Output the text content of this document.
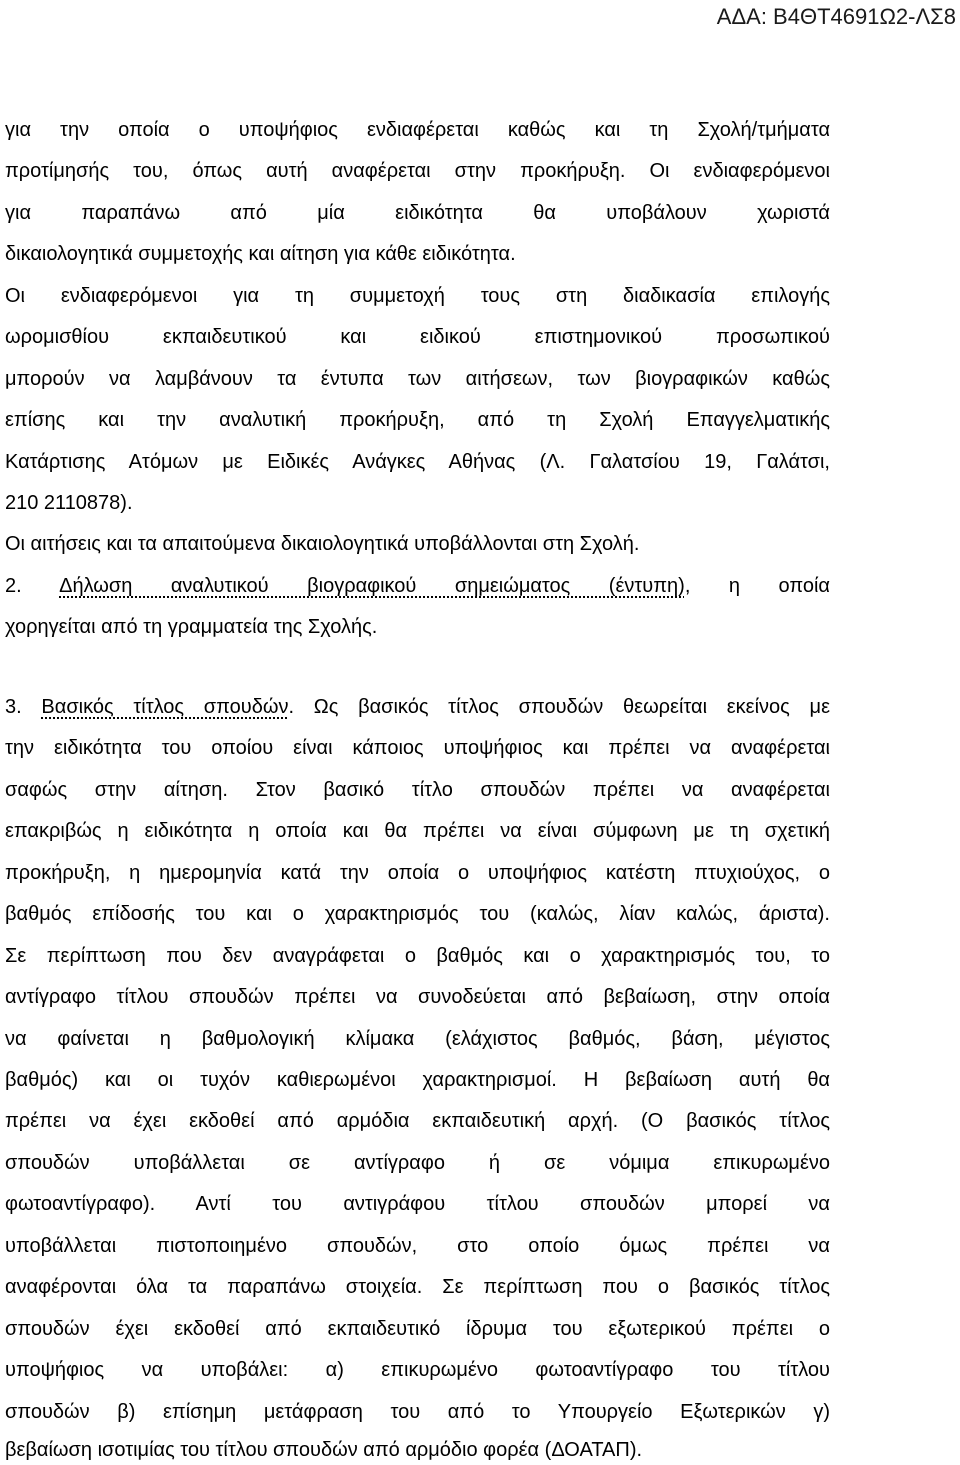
ΑΔΑ: Β4ΘΤ4691Ω2-ΛΣ8
για την οποία ο υποψήφιος ενδιαφέρεται καθώς και τη Σχολή/τμήματα
προτίμησής του, όπως αυτή αναφέρεται στην προκήρυξη. Οι ενδιαφερόμενοι
για παραπάνω από μία ειδικότητα θα υποβάλουν χωριστά
δικαιολογητικά συμμετοχής και αίτηση για κάθε ειδικότητα.
Οι ενδιαφερόμενοι για τη συμμετοχή τους στη διαδικασία επιλογής
ωρομισθίου εκπαιδευτικού και ειδικού επιστημονικού προσωπικού
μπορούν να λαμβάνουν τα έντυπα των αιτήσεων, των βιογραφικών καθώς
επίσης και την αναλυτική προκήρυξη, από τη Σχολή Επαγγελματικής
Κατάρτισης Ατόμων με Ειδικές Ανάγκες Αθήνας (Λ. Γαλατσίου 19, Γαλάτσι,
210 2110878).
Οι αιτήσεις και τα απαιτούμενα δικαιολογητικά υποβάλλονται στη Σχολή.
2. Δήλωση αναλυτικού βιογραφικού σημειώματος (έντυπη), η οποία
χορηγείται από τη γραμματεία της Σχολής.
3. Βασικός τίτλος σπουδών. Ως βασικός τίτλος σπουδών θεωρείται εκείνος με
την ειδικότητα του οποίου είναι κάποιος υποψήφιος και πρέπει να αναφέρεται
σαφώς στην αίτηση. Στον βασικό τίτλο σπουδών πρέπει να αναφέρεται
επακριβώς η ειδικότητα η οποία και θα πρέπει να είναι σύμφωνη με τη σχετική
προκήρυξη, η ημερομηνία κατά την οποία ο υποψήφιος κατέστη πτυχιούχος, ο
βαθμός επίδοσής του και ο χαρακτηρισμός του (καλώς, λίαν καλώς, άριστα).
Σε περίπτωση που δεν αναγράφεται ο βαθμός και ο χαρακτηρισμός του, το
αντίγραφο τίτλου σπουδών πρέπει να συνοδεύεται από βεβαίωση, στην οποία
να φαίνεται η βαθμολογική κλίμακα (ελάχιστος βαθμός, βάση, μέγιστος
βαθμός) και οι τυχόν καθιερωμένοι χαρακτηρισμοί. Η βεβαίωση αυτή θα
πρέπει να έχει εκδοθεί από αρμόδια εκπαιδευτική αρχή. (Ο βασικός τίτλος
σπουδών υποβάλλεται σε αντίγραφο ή σε νόμιμα επικυρωμένο
φωτοαντίγραφο). Αντί του αντιγράφου τίτλου σπουδών μπορεί να
υποβάλλεται πιστοποιημένο σπουδών, στο οποίο όμως πρέπει να
αναφέρονται όλα τα παραπάνω στοιχεία. Σε περίπτωση που ο βασικός τίτλος
σπουδών έχει εκδοθεί από εκπαιδευτικό ίδρυμα του εξωτερικού πρέπει ο
υποψήφιος να υποβάλει: α) επικυρωμένο φωτοαντίγραφο του τίτλου
σπουδών β) επίσημη μετάφραση του από το Υπουργείο Εξωτερικών γ)
βεβαίωση ισοτιμίας του τίτλου σπουδών από αρμόδιο φορέα (ΔΟΑΤΑΠ).
